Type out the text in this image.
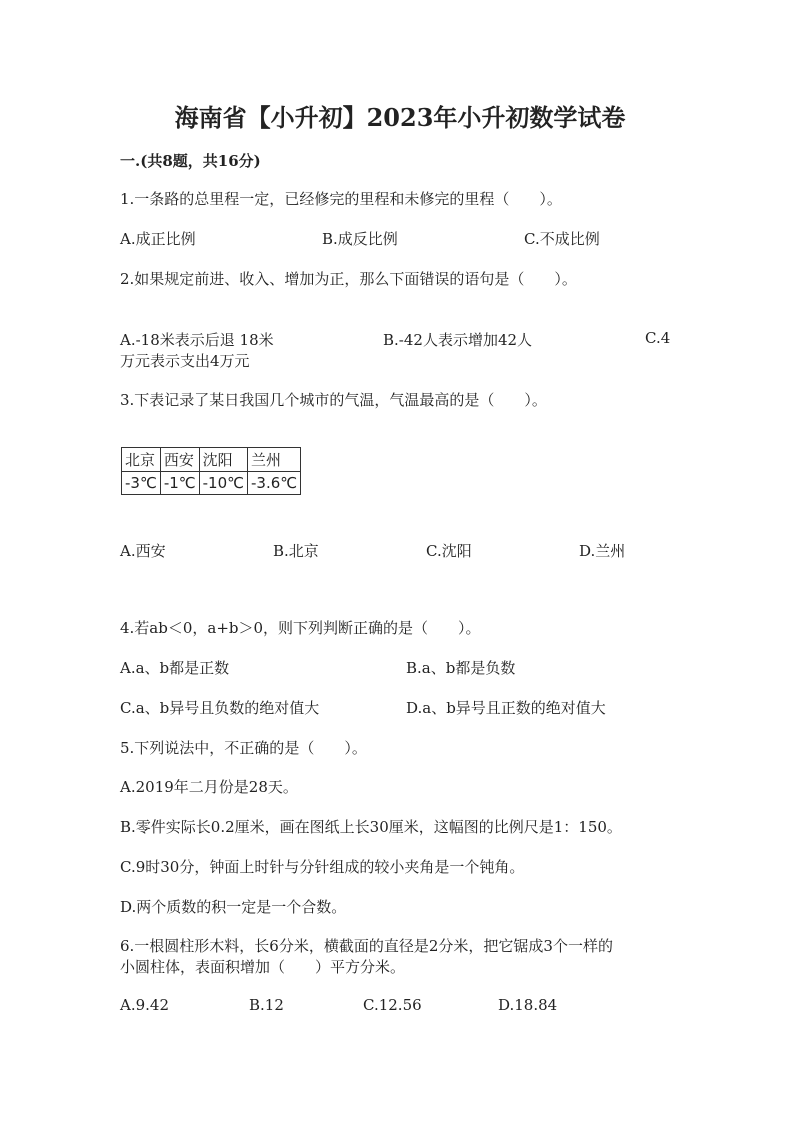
海南省【小升初】2023年小升初数学试卷
一.(共8题，共16分)
1.一条路的总里程一定，已经修完的里程和未修完的里程（　　）。
A.成正比例	B.成反比例	C.不成比例
2.如果规定前进、收入、增加为正，那么下面错误的语句是（　　）。
A.-18米表示后退 18米	B.-42人表示增加42人	C.4
万元表示支出4万元
3.下表记录了某日我国几个城市的气温，气温最高的是（　　）。
北京	西安	沈阳	兰州
-3℃	-1℃	-10℃	-3.6℃
A.西安	B.北京	C.沈阳	D.兰州
4.若ab＜0，a+b＞0，则下列判断正确的是（　　）。
A.a、b都是正数	B.a、b都是负数
C.a、b异号且负数的绝对值大	D.a、b异号且正数的绝对值大
5.下列说法中，不正确的是（　　）。
A.2019年二月份是28天。
B.零件实际长0.2厘米，画在图纸上长30厘米，这幅图的比例尺是1：150。
C.9时30分，钟面上时针与分针组成的较小夹角是一个钝角。
D.两个质数的积一定是一个合数。
6.一根圆柱形木料，长6分米，横截面的直径是2分米，把它锯成3个一样的
小圆柱体，表面积增加（　　）平方分米。
A.9.42	B.12	C.12.56	D.18.84
